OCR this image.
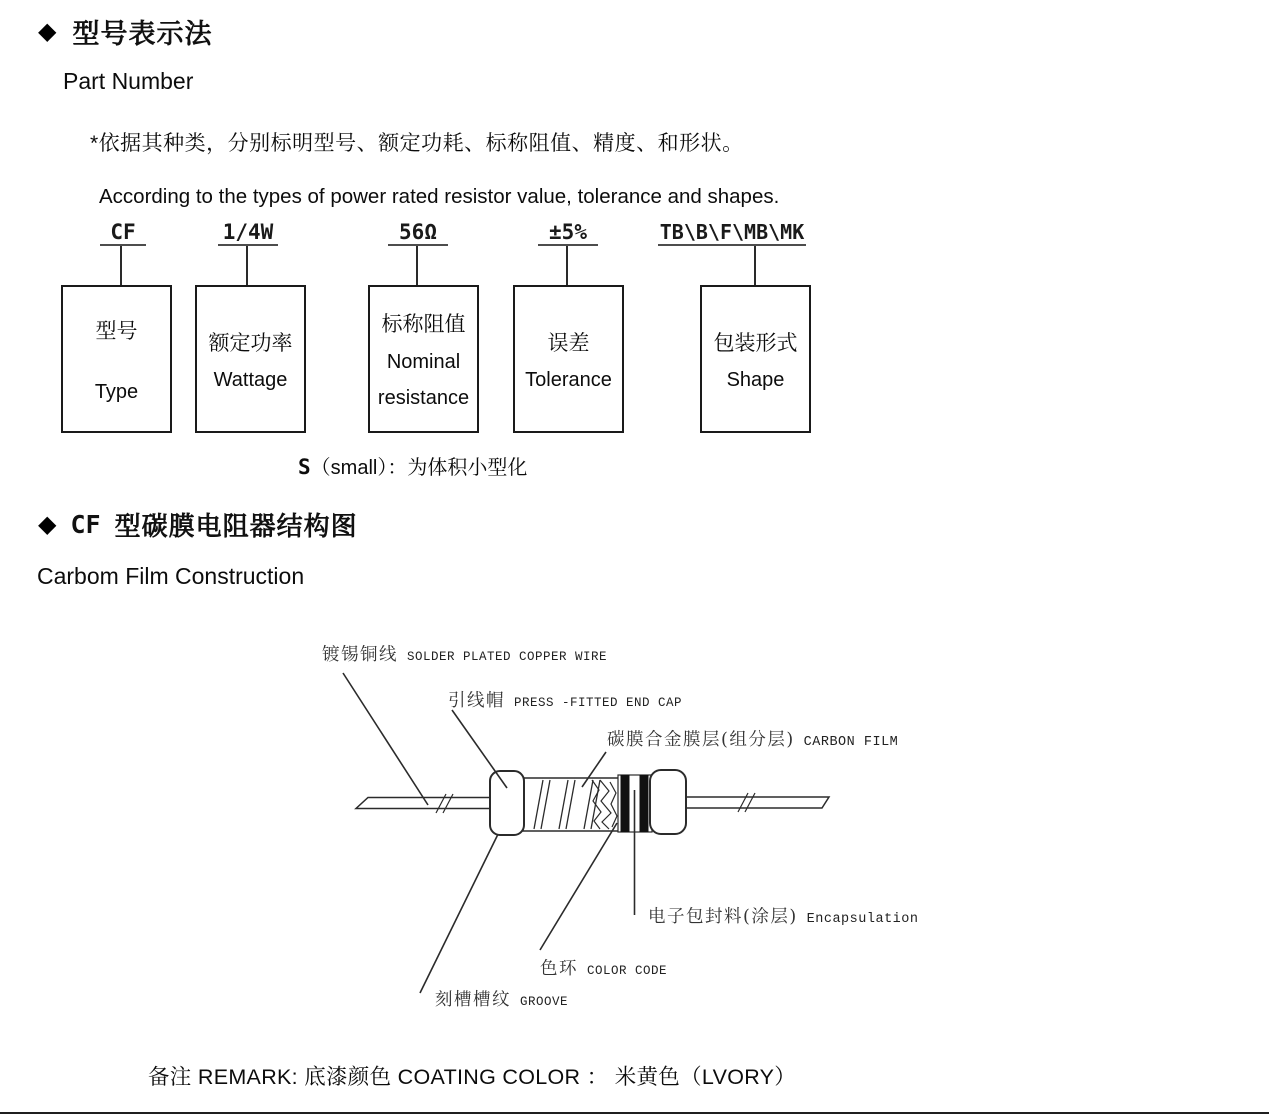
◆ 型号表示法
Part Number
*依据其种类，分别标明型号、额定功耗、标称阻值、精度、和形状。
According to the types of power rated resistor value, tolerance and shapes.
CF	1/4W	56Ω	±5%	TB\B\F\MB\MK
型号
Type
额定功率
Wattage
标称阻值
Nominal
resistance
误差
Tolerance
包装形式
Shape
S（small）：为体积小型化
◆ CF 型碳膜电阻器结构图
Carbom Film Construction
镀锡铜线 SOLDER PLATED COPPER WIRE
引线帽 PRESS -FITTED END CAP
碳膜合金膜层(组分层) CARBON FILM
电子包封料(涂层) Encapsulation
色环 COLOR CODE
刻槽槽纹 GROOVE
备注 REMARK: 底漆颜色 COATING COLOR ： 米黄色（LVORY）
